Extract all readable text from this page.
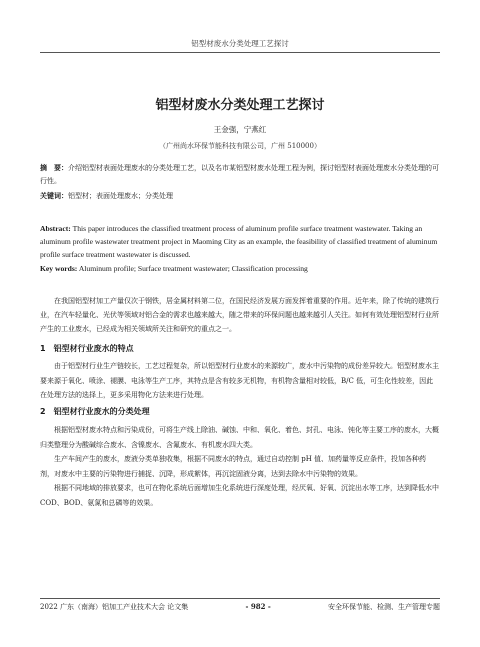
铝型材废水分类处理工艺探讨
铝型材废水分类处理工艺探讨
王金强，宁燕红
（广州尚水环保节能科技有限公司，广州 510000）
摘　要：介绍铝型材表面处理废水的分类处理工艺，以及名市某铝型材废水处理工程为例，探讨铝型材表面处理废水分类处理的可行性。
关键词：铝型材；表面处理废水；分类处理
Abstract: This paper introduces the classified treatment process of aluminum profile surface treatment wastewater. Taking an aluminum profile wastewater treatment project in Maoming City as an example, the feasibility of classified treatment of aluminum profile surface treatment wastewater is discussed.
Key words: Aluminum profile; Surface treatment wastewater; Classification processing

在我国铝型材加工产量仅次于钢铁，居金属材料第二位，在国民经济发展方面发挥着重要的作用。近年来，除了传统的建筑行业，在汽车轻量化、光伏等领域对铝合金的需求也越来越大，随之带来的环保问题也越来越引人关注。如何有效处理铝型材行业所产生的工业废水，已经成为相关领域所关注和研究的重点之一。

1　铝型材行业废水的特点

由于铝型材行业生产链较长，工艺过程复杂，所以铝型材行业废水的来源较广，废水中污染物的成份差异较大。铝型材废水主要来源于氧化、喷涂、褪膜、电泳等生产工序，其特点是含有较多无机物，有机物含量相对较低，B/C 低，可生化性较差，因此在处理方法的选择上，更多采用物化方法来进行处理。

2　铝型材行业废水的分类处理

根据铝型材废水特点和污染成份，可将生产线上除油、碱蚀、中和、氧化、着色、封孔、电泳、钝化等主要工序的废水，大概归类整理分为酸碱综合废水、含镍废水、含氟废水、有机废水四大类。

生产车间产生的废水，废液分类单独收集，根据不同废水的特点，通过自动控制 pH 值、加药量等反应条件，投加各种药剂，对废水中主要的污染物进行捕捉、沉降，形成絮体，再沉淀固液分离，达到去除水中污染物的效果。

根据不同地域的排放要求，也可在物化系统后面增加生化系统进行深度处理，经厌氧、好氧、沉淀出水等工序，达到降低水中 COD、BOD、氨氮和总磷等的效果。

2022 广东（南海）铝加工产业技术大会 论文集	- 982 -	安全环保节能、检测、生产管理专题
